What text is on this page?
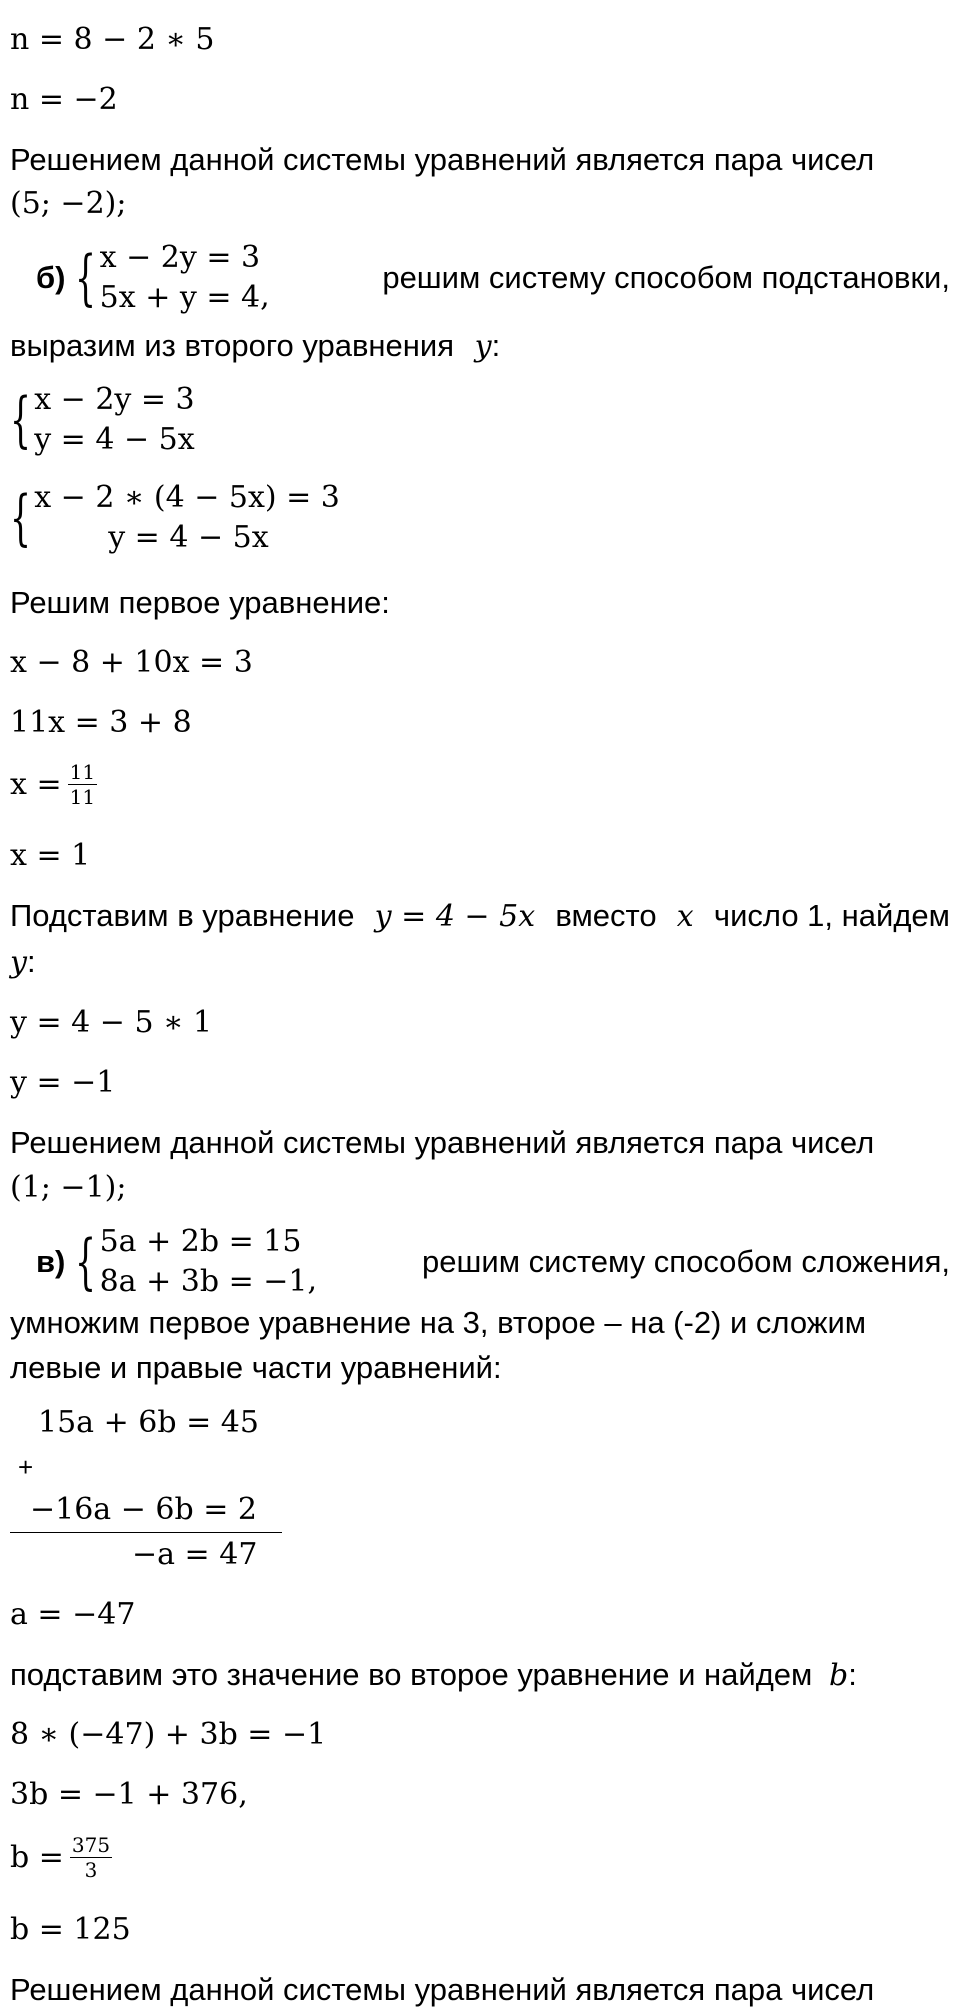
n = 8 − 2 ∗ 5
n = −2
Решением данной системы уравнений является пара чисел
(5; −2);
б) { x − 2y = 3
5x + y = 4 ,
решим систему способом подстановки,
выразим из второго уравнения y:
{ x − 2y = 3
y = 4 − 5x
{ x − 2 ∗ (4 − 5x) = 3
y = 4 − 5x
Решим первое уравнение:
x − 8 + 10x = 3
11x = 3 + 8
$x = \frac{11}{11}$
x = 1
Подставим в уравнение y = 4 − 5x вместо x число 1, найдем
y:
y = 4 − 5 ∗ 1
y = −1
Решением данной системы уравнений является пара чисел
(1; −1);
в) { 5a + 2b = 15
8a + 3b = −1 ,
решим систему способом сложения,
умножим первое уравнение на 3, второе – на (-2) и сложим
левые и правые части уравнений:
15a + 6b = 45
+
−16a − 6b = 2
−a = 47
a = −47
подставим это значение во второе уравнение и найдем b:
8 ∗ (−47) + 3b = −1
3b = −1 + 376,
$b = \frac{375}{3}$
b = 125
Решением данной системы уравнений является пара чисел
